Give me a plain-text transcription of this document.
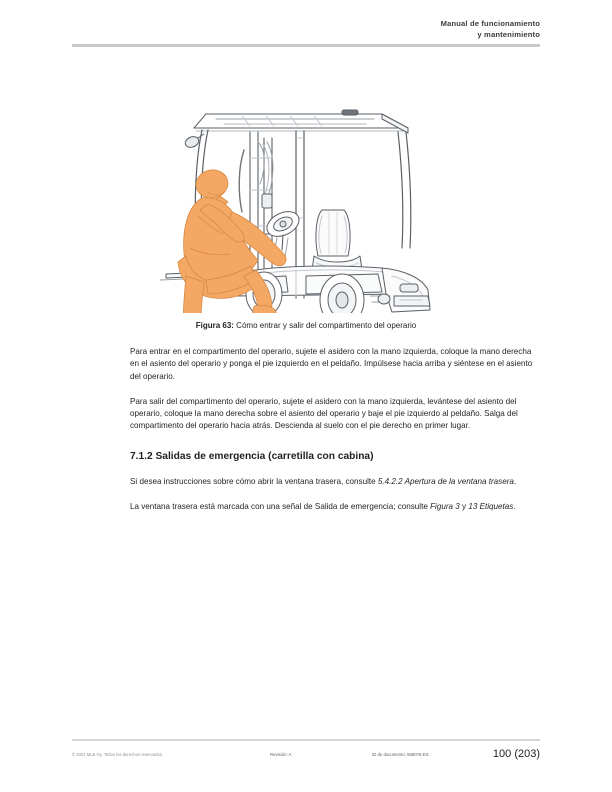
Manual de funcionamiento
y mantenimiento
Figura 63: Cómo entrar y salir del compartimento del operario

Para entrar en el compartimento del operario, sujete el asidero con la mano izquierda, coloque la mano derecha en el asiento del operario y ponga el pie izquierdo en el peldaño. Impúlsese hacia arriba y siéntese en el asiento del operario.

Para salir del compartimento del operario, sujete el asidero con la mano izquierda, levántese del asiento del operario, coloque la mano derecha sobre el asiento del operario y baje el pie izquierdo al peldaño. Salga del compartimento del operario hacia atrás. Descienda al suelo con el pie derecho en primer lugar.

7.1.2 Salidas de emergencia (carretilla con cabina)

Si desea instrucciones sobre cómo abrir la ventana trasera, consulte 5.4.2.2 Apertura de la ventana trasera.

La ventana trasera está marcada con una señal de Salida de emergencia; consulte Figura 3 y 13 Etiquetas.

© 2021 MLE Oy. Todos los derechos reservados.	Revisión: A	ID de documento: 658076-ES	100 (203)
